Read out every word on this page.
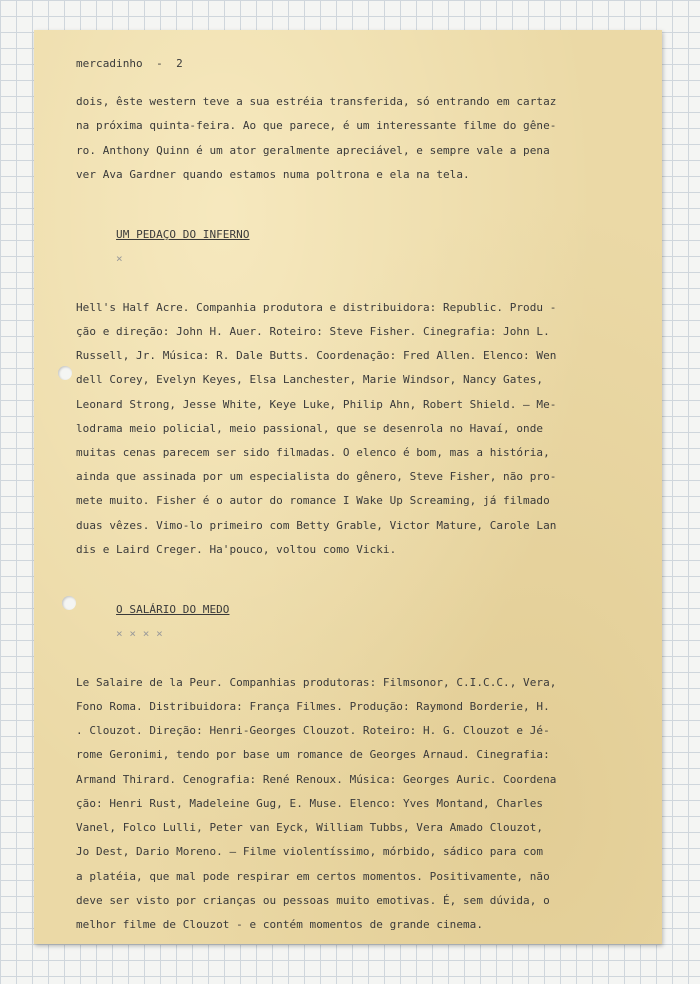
mercadinho  -  2
dois, êste western teve a sua estréia transferida, só entrando em cartaz
na próxima quinta-feira. Ao que parece, é um interessante filme do gêne-
ro. Anthony Quinn é um ator geralmente apreciável, e sempre vale a pena
ver Ava Gardner quando estamos numa poltrona e ela na tela.

UM PEDAÇO DO INFERNO
×

Hell's Half Acre. Companhia produtora e distribuidora: Republic. Produ -
ção e direção: John H. Auer. Roteiro: Steve Fisher. Cinegrafia: John L.
Russell, Jr. Música: R. Dale Butts. Coordenação: Fred Allen. Elenco: Wen
dell Corey, Evelyn Keyes, Elsa Lanchester, Marie Windsor, Nancy Gates,
Leonard Strong, Jesse White, Keye Luke, Philip Ahn, Robert Shield. — Me-
lodrama meio policial, meio passional, que se desenrola no Havaí, onde
muitas cenas parecem ser sido filmadas. O elenco é bom, mas a história,
ainda que assinada por um especialista do gênero, Steve Fisher, não pro-
mete muito. Fisher é o autor do romance I Wake Up Screaming, já filmado
duas vêzes. Vimo-lo primeiro com Betty Grable, Victor Mature, Carole Lan
dis e Laird Creger. Ha'pouco, voltou como Vicki.

O SALÁRIO DO MEDO
× × × ×

Le Salaire de la Peur. Companhias produtoras: Filmsonor, C.I.C.C., Vera,
Fono Roma. Distribuidora: França Filmes. Produção: Raymond Borderie, H.
. Clouzot. Direção: Henri-Georges Clouzot. Roteiro: H. G. Clouzot e Jé-
rome Geronimi, tendo por base um romance de Georges Arnaud. Cinegrafia:
Armand Thirard. Cenografia: René Renoux. Música: Georges Auric. Coordena
ção: Henri Rust, Madeleine Gug, E. Muse. Elenco: Yves Montand, Charles
Vanel, Folco Lulli, Peter van Eyck, William Tubbs, Vera Amado Clouzot,
Jo Dest, Dario Moreno. — Filme violentíssimo, mórbido, sádico para com
a platéia, que mal pode respirar em certos momentos. Positivamente, não
deve ser visto por crianças ou pessoas muito emotivas. É, sem dúvida, o
melhor filme de Clouzot - e contém momentos de grande cinema.
